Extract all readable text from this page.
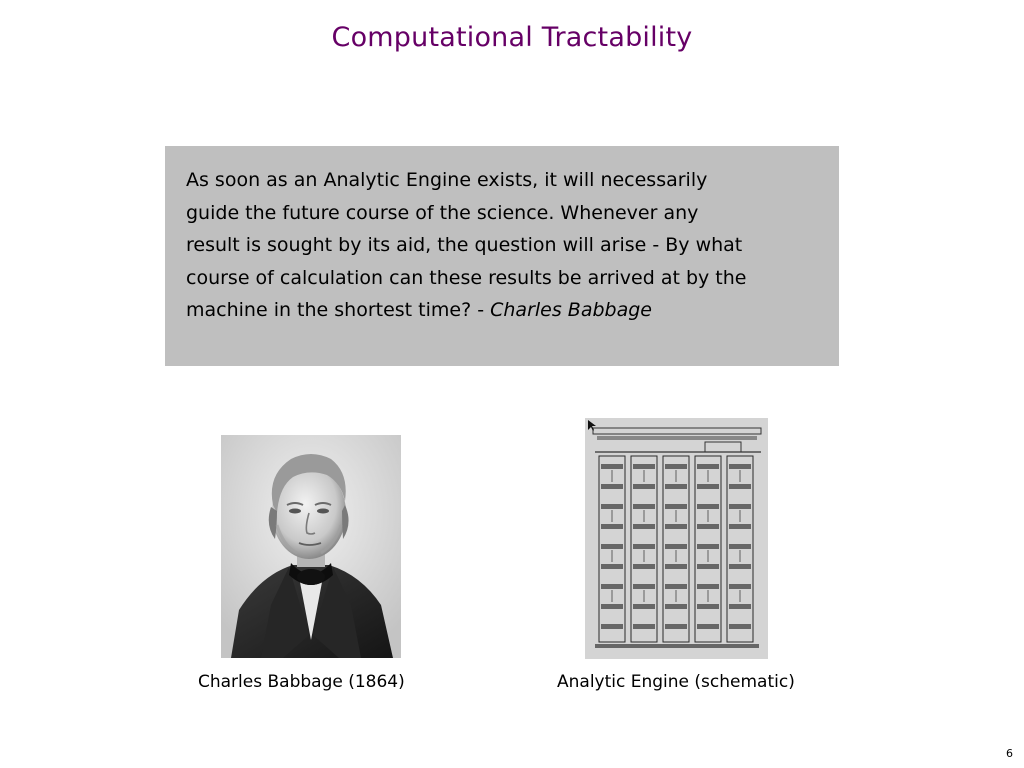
Computational Tractability
As soon as an Analytic Engine exists, it will necessarily
guide the future course of the science. Whenever any
result is sought by its aid, the question will arise - By what
course of calculation can these results be arrived at by the
machine in the shortest time? - Charles Babbage
Charles Babbage (1864)	Analytic Engine (schematic)
6
